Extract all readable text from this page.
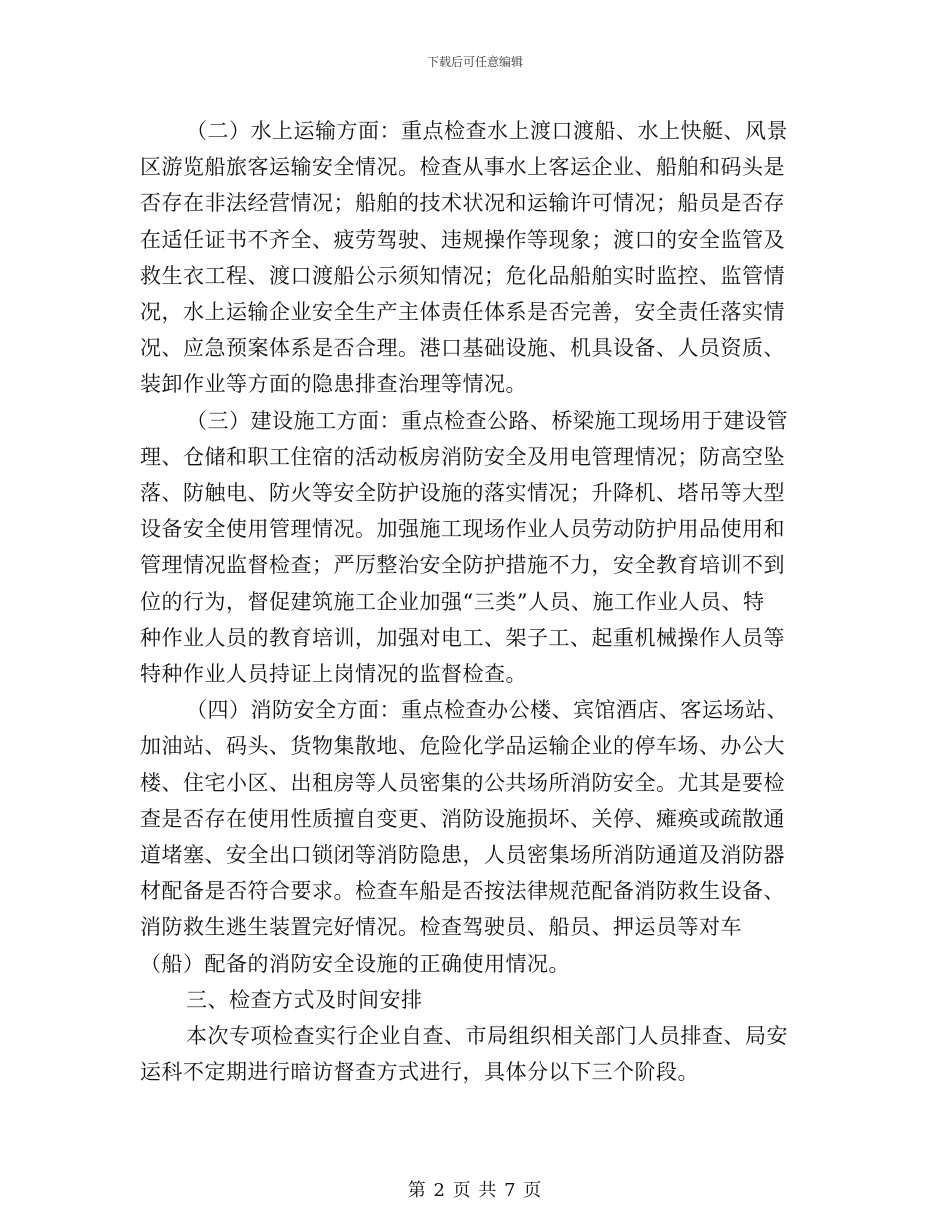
下载后可任意编辑

（二）水上运输方面：重点检查水上渡口渡船、水上快艇、风景
区游览船旅客运输安全情况。检查从事水上客运企业、船舶和码头是
否存在非法经营情况；船舶的技术状况和运输许可情况；船员是否存
在适任证书不齐全、疲劳驾驶、违规操作等现象；渡口的安全监管及
救生衣工程、渡口渡船公示须知情况；危化品船舶实时监控、监管情
况，水上运输企业安全生产主体责任体系是否完善，安全责任落实情
况、应急预案体系是否合理。港口基础设施、机具设备、人员资质、
装卸作业等方面的隐患排查治理等情况。

（三）建设施工方面：重点检查公路、桥梁施工现场用于建设管
理、仓储和职工住宿的活动板房消防安全及用电管理情况；防高空坠
落、防触电、防火等安全防护设施的落实情况；升降机、塔吊等大型
设备安全使用管理情况。加强施工现场作业人员劳动防护用品使用和
管理情况监督检查；严厉整治安全防护措施不力，安全教育培训不到
位的行为，督促建筑施工企业加强“三类”人员、施工作业人员、特
种作业人员的教育培训，加强对电工、架子工、起重机械操作人员等
特种作业人员持证上岗情况的监督检查。

（四）消防安全方面：重点检查办公楼、宾馆酒店、客运场站、
加油站、码头、货物集散地、危险化学品运输企业的停车场、办公大
楼、住宅小区、出租房等人员密集的公共场所消防安全。尤其是要检
查是否存在使用性质擅自变更、消防设施损坏、关停、瘫痪或疏散通
道堵塞、安全出口锁闭等消防隐患，人员密集场所消防通道及消防器
材配备是否符合要求。检查车船是否按法律规范配备消防救生设备、
消防救生逃生装置完好情况。检查驾驶员、船员、押运员等对车
（船）配备的消防安全设施的正确使用情况。

三、检查方式及时间安排

本次专项检查实行企业自查、市局组织相关部门人员排查、局安
运科不定期进行暗访督查方式进行，具体分以下三个阶段。

第 2 页 共 7 页
